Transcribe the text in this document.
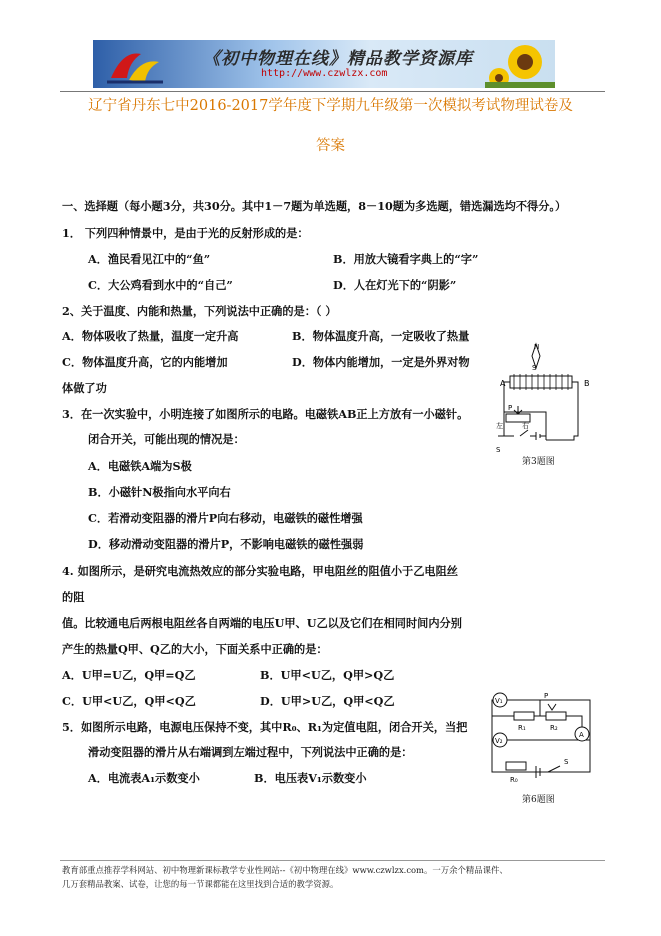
《初中物理在线》精品教学资源库
http://www.czwlzx.com
辽宁省丹东七中2016-2017学年度下学期九年级第一次模拟考试物理试卷及
答案
一、选择题（每小题3分，共30分。其中1－7题为单选题，8－10题为多选题，错选漏选均不得分。）
1． 下列四种情景中，是由于光的反射形成的是：
A．渔民看见江中的“鱼”	B．用放大镜看字典上的“字”
C．大公鸡看到水中的“自己”	D．人在灯光下的“阴影”
2、关于温度、内能和热量，下列说法中正确的是：（ ）
A．物体吸收了热量，温度一定升高	B．物体温度升高，一定吸收了热量
C．物体温度升高，它的内能增加	D．物体内能增加，一定是外界对物
体做了功
3．在一次实验中，小明连接了如图所示的电路。电磁铁AB正上方放有一小磁针。
闭合开关，可能出现的情况是：
A．电磁铁A端为S极
B．小磁针N极指向水平向右
C．若滑动变阻器的滑片P向右移动，电磁铁的磁性增强
D．移动滑动变阻器的滑片P，不影响电磁铁的磁性强弱
N
S
A	B
P
左	右
S
第3题图
4. 如图所示，是研究电流热效应的部分实验电路，甲电阻丝的阻值小于乙电阻丝
的阻
值。比较通电后两根电阻丝各自两端的电压U甲、U乙以及它们在相同时间内分别
产生的热量Q甲、Q乙的大小，下面关系中正确的是：
A．U甲=U乙，Q甲=Q乙	B．U甲<U乙，Q甲>Q乙
C．U甲<U乙，Q甲<Q乙	D．U甲>U乙，Q甲<Q乙
5．如图所示电路，电源电压保持不变，其中R₀、R₁为定值电阻，闭合开关，当把
滑动变阻器的滑片从右端调到左端过程中，下列说法中正确的是：
A．电流表A₁示数变小	B．电压表V₁示数变小
V₁
V₂
A
P
R₁	R₂
R₀
S
第6题图
教育部重点推荐学科网站、初中物理新课标教学专业性网站--《初中物理在线》www.czwlzx.com。一万余个精品课件、
几万套精品教案、试卷，让您的每一节课都能在这里找到合适的教学资源。
